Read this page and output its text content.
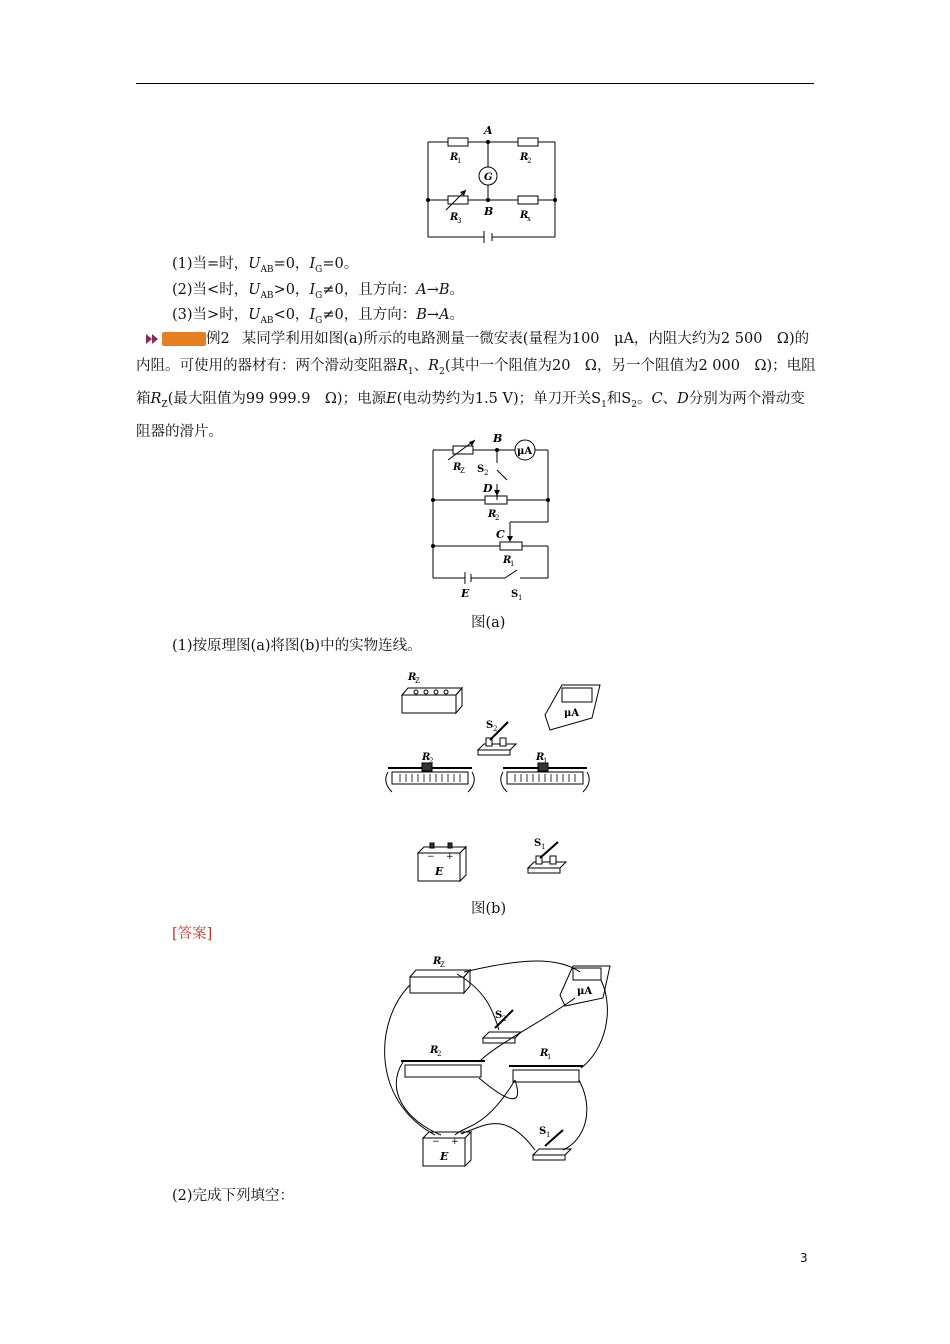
A
B
G
R
1	R
2
R
3	R
x
(1)当=时，$U_{AB}=0$，$I_G=0$。
(2)当<时，$U_{AB}>0$，$I_G\ne 0$，且方向：A→B。
(3)当>时，$U_{AB}<0$，$I_G\ne 0$，且方向：B→A。
例2 某同学利用如图(a)所示的电路测量一微安表(量程为100　μA，内阻大约为2 500　Ω)的内阻。可使用的器材有：两个滑动变阻器$R_1$、$R_2$(其中一个阻值为20　Ω，另一个阻值为2 000　Ω)；电阻箱$R_Z$(最大阻值为99 999.9　Ω)；电源E(电动势约为1.5 V)；单刀开关$S_1$和$S_2$。C、D分别为两个滑动变阻器的滑片。	B
μA
S 2
D
R
2
C
R
1
E	S 1
R
Z
图(a)
(1)按原理图(a)将图(b)中的实物连线。
R
Z
μA
S 2
R
2	R
1
− +
E
S 1
图(b)
[答案]
R
Z
μA
S 2
R
2	R
1
− +
E
S 1
(2)完成下列填空：
3
